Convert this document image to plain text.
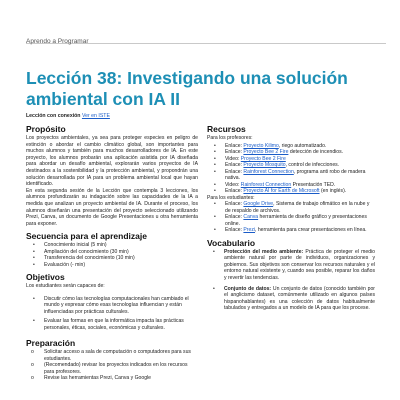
Aprendo a Programar
Lección 38: Investigando una solución ambiental con IA II
Lección con conexión Ver en ISTE
Propósito

Los proyectos ambientales, ya sea para proteger especies en peligro de extinción o abordar el cambio climático global, son importantes para muchos alumnos y también para muchos desarrolladores de IA. En este proyecto, los alumnos probarán una aplicación asistida por IA diseñada para abordar un desafío ambiental, explorarán varios proyectos de IA destinados a la sostenibilidad y la protección ambiental, y propondrán una solución desarrollada por IA para un problema ambiental local que hayan identificado.

En esta segunda sesión de la Lección que contempla 3 lecciones, los alumnos profundizarán su indagación sobre las capacidades de la IA a medida que analizan un proyecto ambiental de IA. Durante el proceso, los alumnos diseñarán una presentación del proyecto seleccionado utilizando Prezi, Canva, un documento de Google Presentaciones u otra herramienta para exponer.

Secuencia para el aprendizaje
• Conocimiento inicial (5 min)
• Ampliación del conocimiento (30 min)
• Transferencia del conocimiento (10 min)
• Evaluación (- min)
Objetivos

Los estudiantes serán capaces de:

• Discutir cómo las tecnologías computacionales han cambiado el mundo y expresar cómo esas tecnologías influencian y están influenciadas por prácticas culturales.
• Evaluar las formas en que la informática impacta las prácticas personales, éticas, sociales, económicas y culturales.
Preparación
o Solicitar acceso a sala de computación o computadores para sus estudiantes.
o (Recomendado) revisar los proyectos indicados en los recursos para profesores.
o Revise las herramientas Prezi, Canva y Google
Recursos

Para los profesores:

• Enlace: Proyecto Kilimo, riego automatizado.
• Enlace: Proyecto Bee 2 Fire detección de incendios.
• Video: Proyecto Bee 2 Fire
• Enlace: Proyecto Mosquito, control de infecciones.
• Enlace: Rainforest Connection, programa anti robo de madera nativa.
• Video: Rainforest Connection Presentación TED.
• Enlace: Proyecto AI for Earth de Microsoft (en inglés).
Para los estudiantes:
• Enlace: Google Drive, Sistema de trabajo ofimático en la nube y de respaldo de archivos.
• Enlace: Canva herramienta de diseño gráfico y presentaciones online.
• Enlace: Prezi, herramienta para crear presentaciones en línea.
Vocabulario
• Protección del medio ambiente: Práctica de proteger el medio ambiente natural por parte de individuos, organizaciones y gobiernos. Sus objetivos son conservar los recursos naturales y el entorno natural existente y, cuando sea posible, reparar los daños y revertir las tendencias.
• Conjunto de datos: Un conjunto de datos (conocido también por el anglicismo dataset, comúnmente utilizado en algunos países hispanohablantes) es una colección de datos habitualmente tabulados y entregados a un modelo de IA para que los procese.
